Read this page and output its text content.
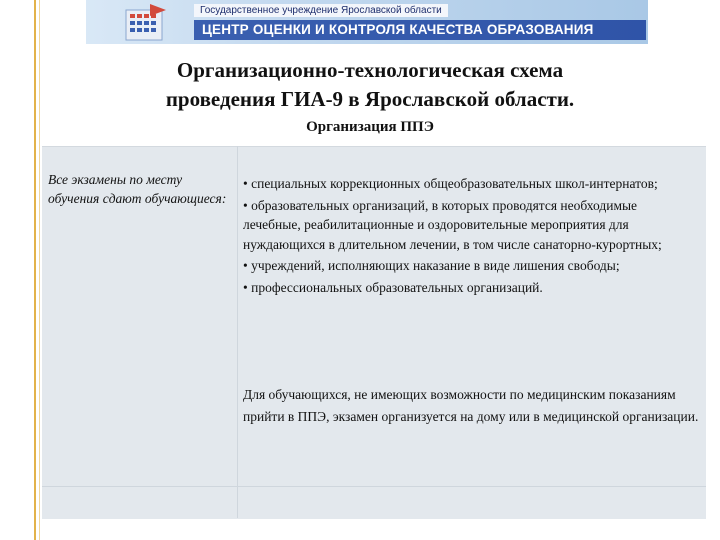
Государственное учреждение Ярославской области
ЦЕНТР ОЦЕНКИ И КОНТРОЛЯ КАЧЕСТВА ОБРАЗОВАНИЯ
Организационно-технологическая схема
проведения ГИА-9 в Ярославской области.
Организация ППЭ
Все экзамены по месту обучения сдают обучающиеся:

• специальных коррекционных общеобразовательных школ-интернатов;

• образовательных организаций, в которых проводятся необходимые лечебные, реабилитационные и оздоровительные мероприятия для нуждающихся в длительном лечении, в том числе санаторно-курортных;

• учреждений, исполняющих наказание в виде лишения свободы;

• профессиональных образовательных организаций.

Для обучающихся, не имеющих возможности по медицинским показаниям прийти в ППЭ, экзамен организуется на дому или в медицинской организации.
